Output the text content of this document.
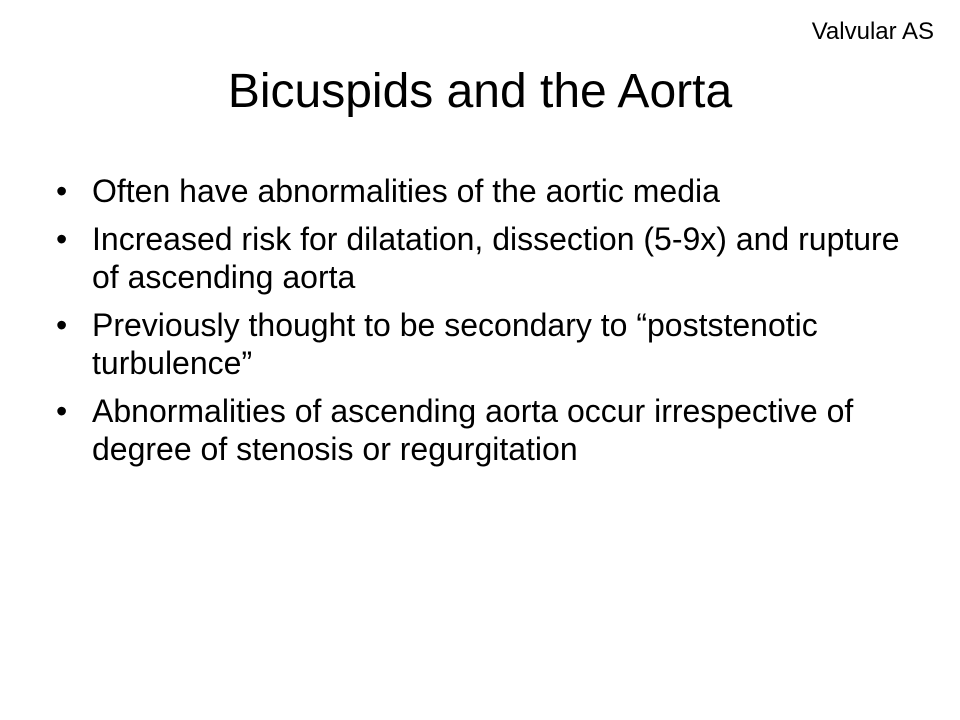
Valvular AS
Bicuspids and the Aorta
• Often have abnormalities of the aortic media
• Increased risk for dilatation, dissection (5-9x) and rupture of ascending aorta
• Previously thought to be secondary to “poststenotic turbulence”
• Abnormalities of ascending aorta occur irrespective of degree of stenosis or regurgitation
